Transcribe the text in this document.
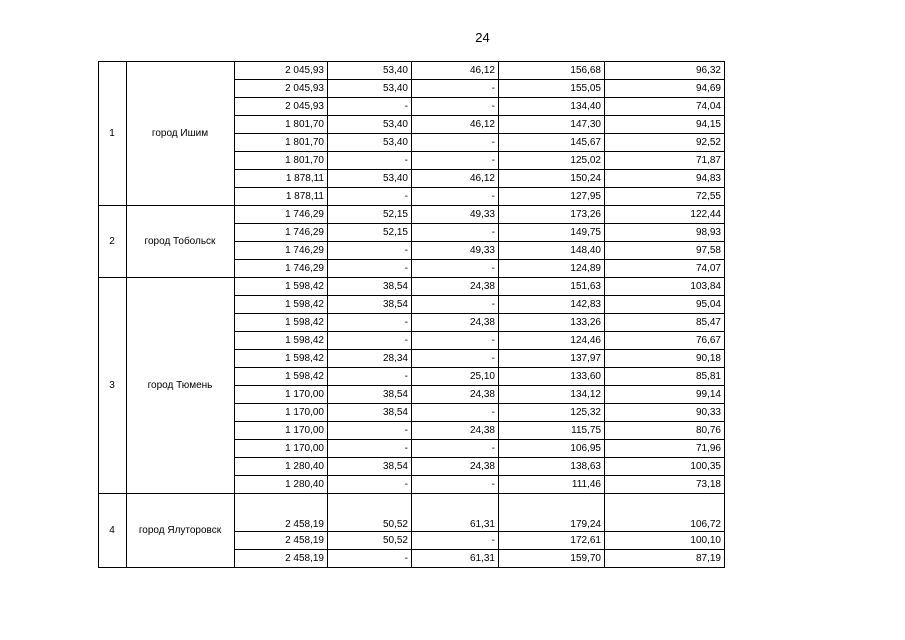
24
1	город Ишим	2 045,93	53,40	46,12	156,68	96,32
		2 045,93	53,40	-	155,05	94,69
		2 045,93	-	-	134,40	74,04
		1 801,70	53,40	46,12	147,30	94,15
		1 801,70	53,40	-	145,67	92,52
		1 801,70	-	-	125,02	71,87
		1 878,11	53,40	46,12	150,24	94,83
		1 878,11	-	-	127,95	72,55
2	город Тобольск	1 746,29	52,15	49,33	173,26	122,44
		1 746,29	52,15	-	149,75	98,93
		1 746,29	-	49,33	148,40	97,58
		1 746,29	-	-	124,89	74,07
3	город Тюмень	1 598,42	38,54	24,38	151,63	103,84
		1 598,42	38,54	-	142,83	95,04
		1 598,42	-	24,38	133,26	85,47
		1 598,42	-	-	124,46	76,67
		1 598,42	28,34	-	137,97	90,18
		1 598,42	-	25,10	133,60	85,81
		1 170,00	38,54	24,38	134,12	99,14
		1 170,00	38,54	-	125,32	90,33
		1 170,00	-	24,38	115,75	80,76
		1 170,00	-	-	106,95	71,96
		1 280,40	38,54	24,38	138,63	100,35
		1 280,40	-	-	111,46	73,18
4	город Ялуторовск	2 458,19	50,52	61,31	179,24	106,72
		2 458,19	50,52	-	172,61	100,10
		2 458,19	-	61,31	159,70	87,19
